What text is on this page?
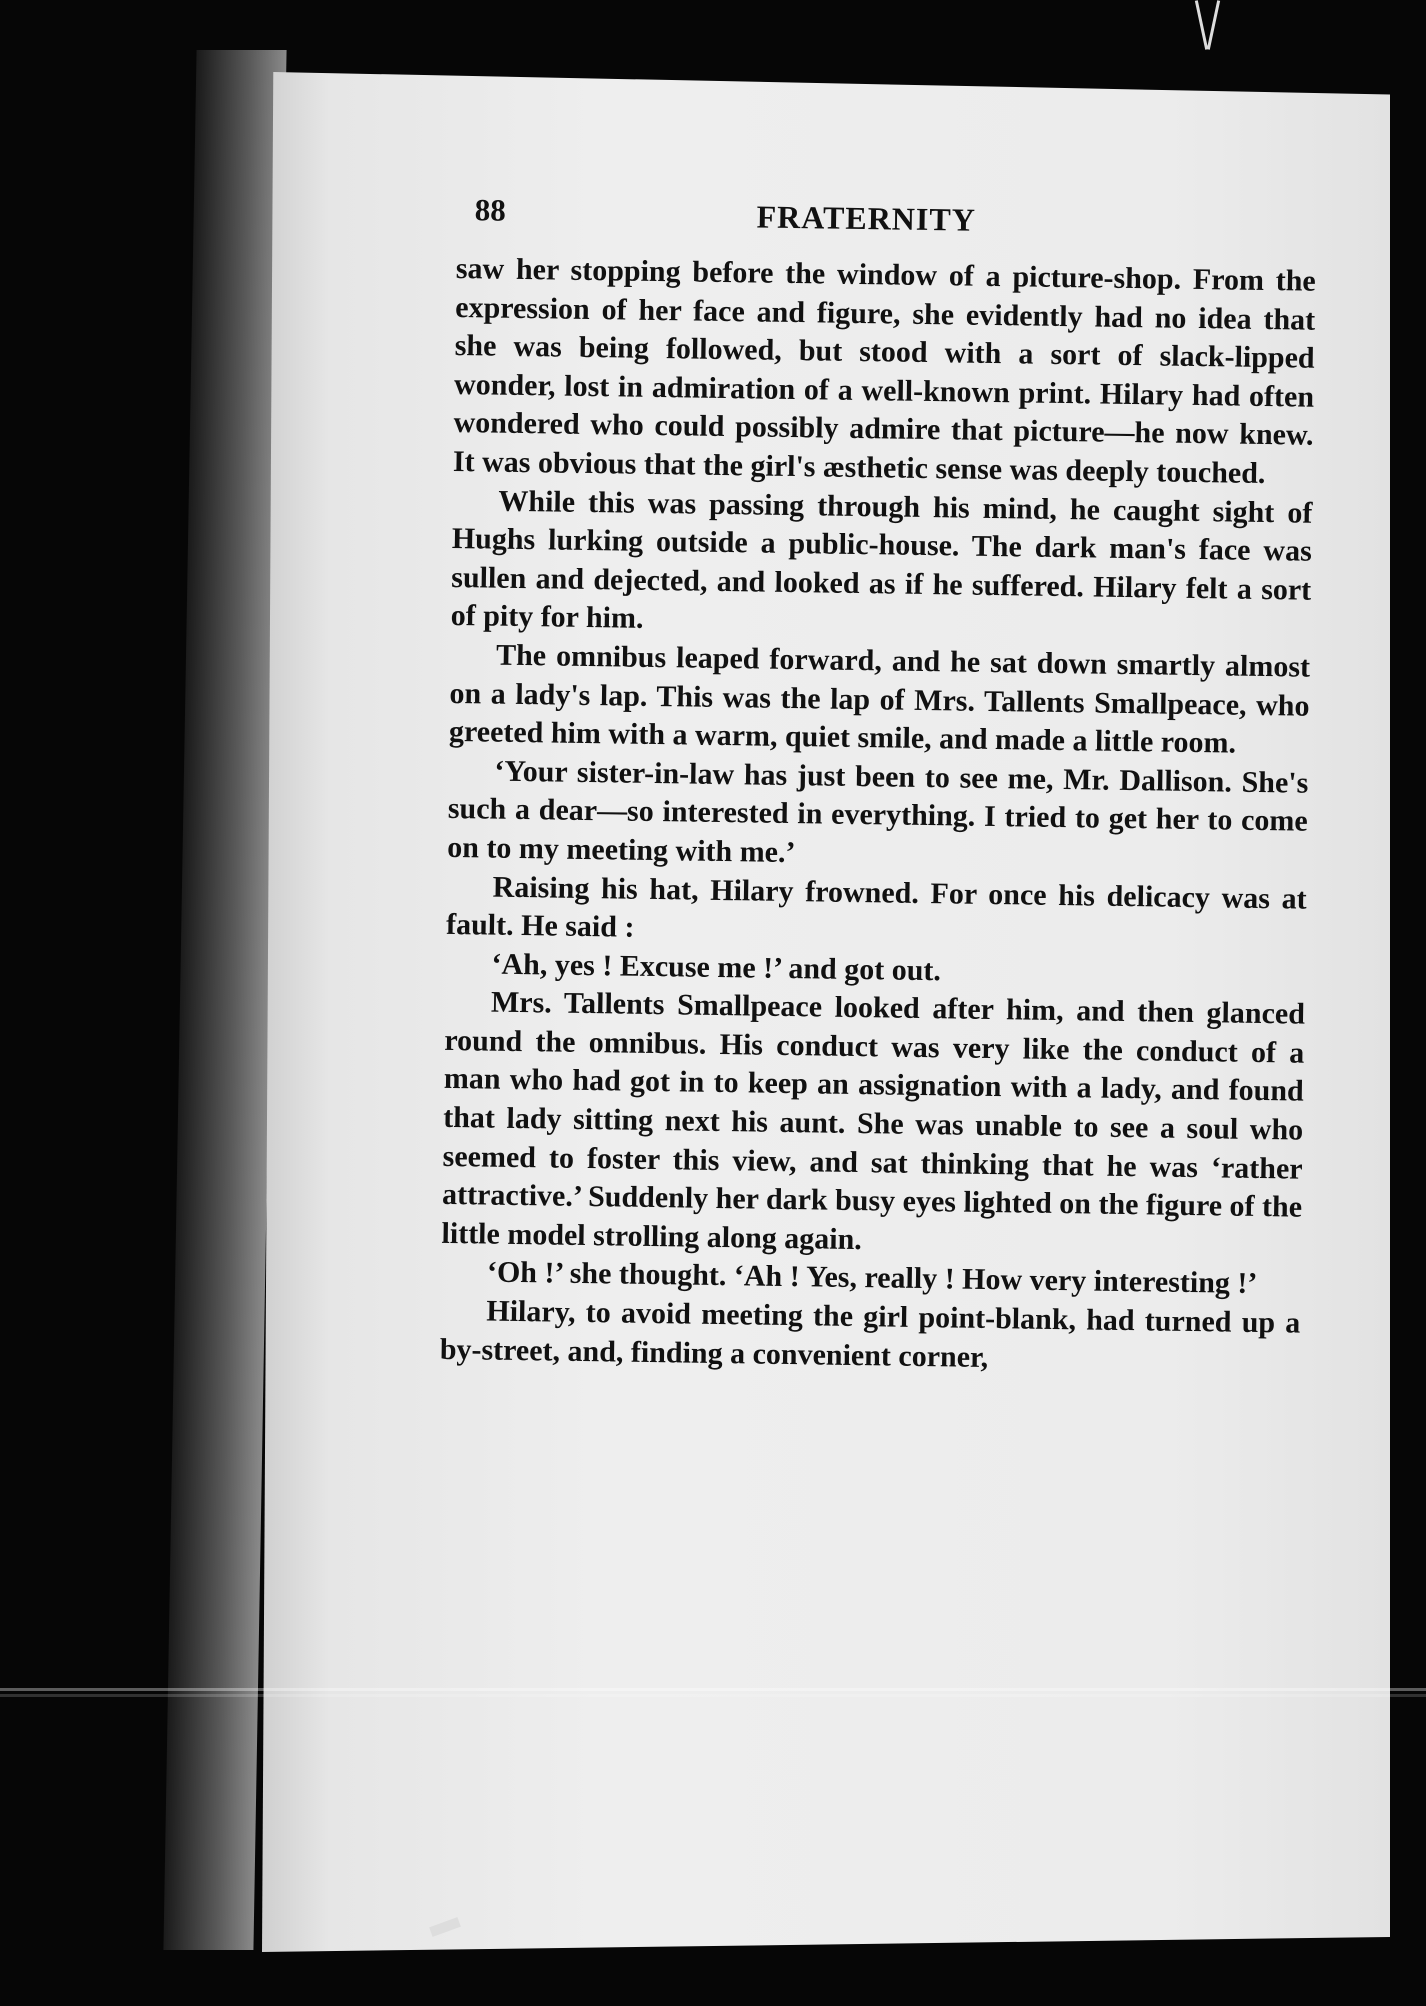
88	FRATERNITY

saw her stopping before the window of a picture-shop. From the expression of her face and figure, she evidently had no idea that she was being followed, but stood with a sort of slack-lipped wonder, lost in admiration of a well-known print. Hilary had often wondered who could possibly admire that picture—he now knew. It was obvious that the girl's æsthetic sense was deeply touched.

While this was passing through his mind, he caught sight of Hughs lurking outside a public-house. The dark man's face was sullen and dejected, and looked as if he suffered. Hilary felt a sort of pity for him.

The omnibus leaped forward, and he sat down smartly almost on a lady's lap. This was the lap of Mrs. Tallents Smallpeace, who greeted him with a warm, quiet smile, and made a little room.

‘Your sister-in-law has just been to see me, Mr. Dallison. She's such a dear—so interested in everything. I tried to get her to come on to my meeting with me.’

Raising his hat, Hilary frowned. For once his delicacy was at fault. He said :

‘Ah, yes ! Excuse me !’ and got out.

Mrs. Tallents Smallpeace looked after him, and then glanced round the omnibus. His conduct was very like the conduct of a man who had got in to keep an assignation with a lady, and found that lady sitting next his aunt. She was unable to see a soul who seemed to foster this view, and sat thinking that he was ‘rather attractive.’ Suddenly her dark busy eyes lighted on the figure of the little model strolling along again.

‘Oh !’ she thought. ‘Ah ! Yes, really ! How very interesting !’

Hilary, to avoid meeting the girl point-blank, had turned up a by-street, and, finding a convenient corner,
